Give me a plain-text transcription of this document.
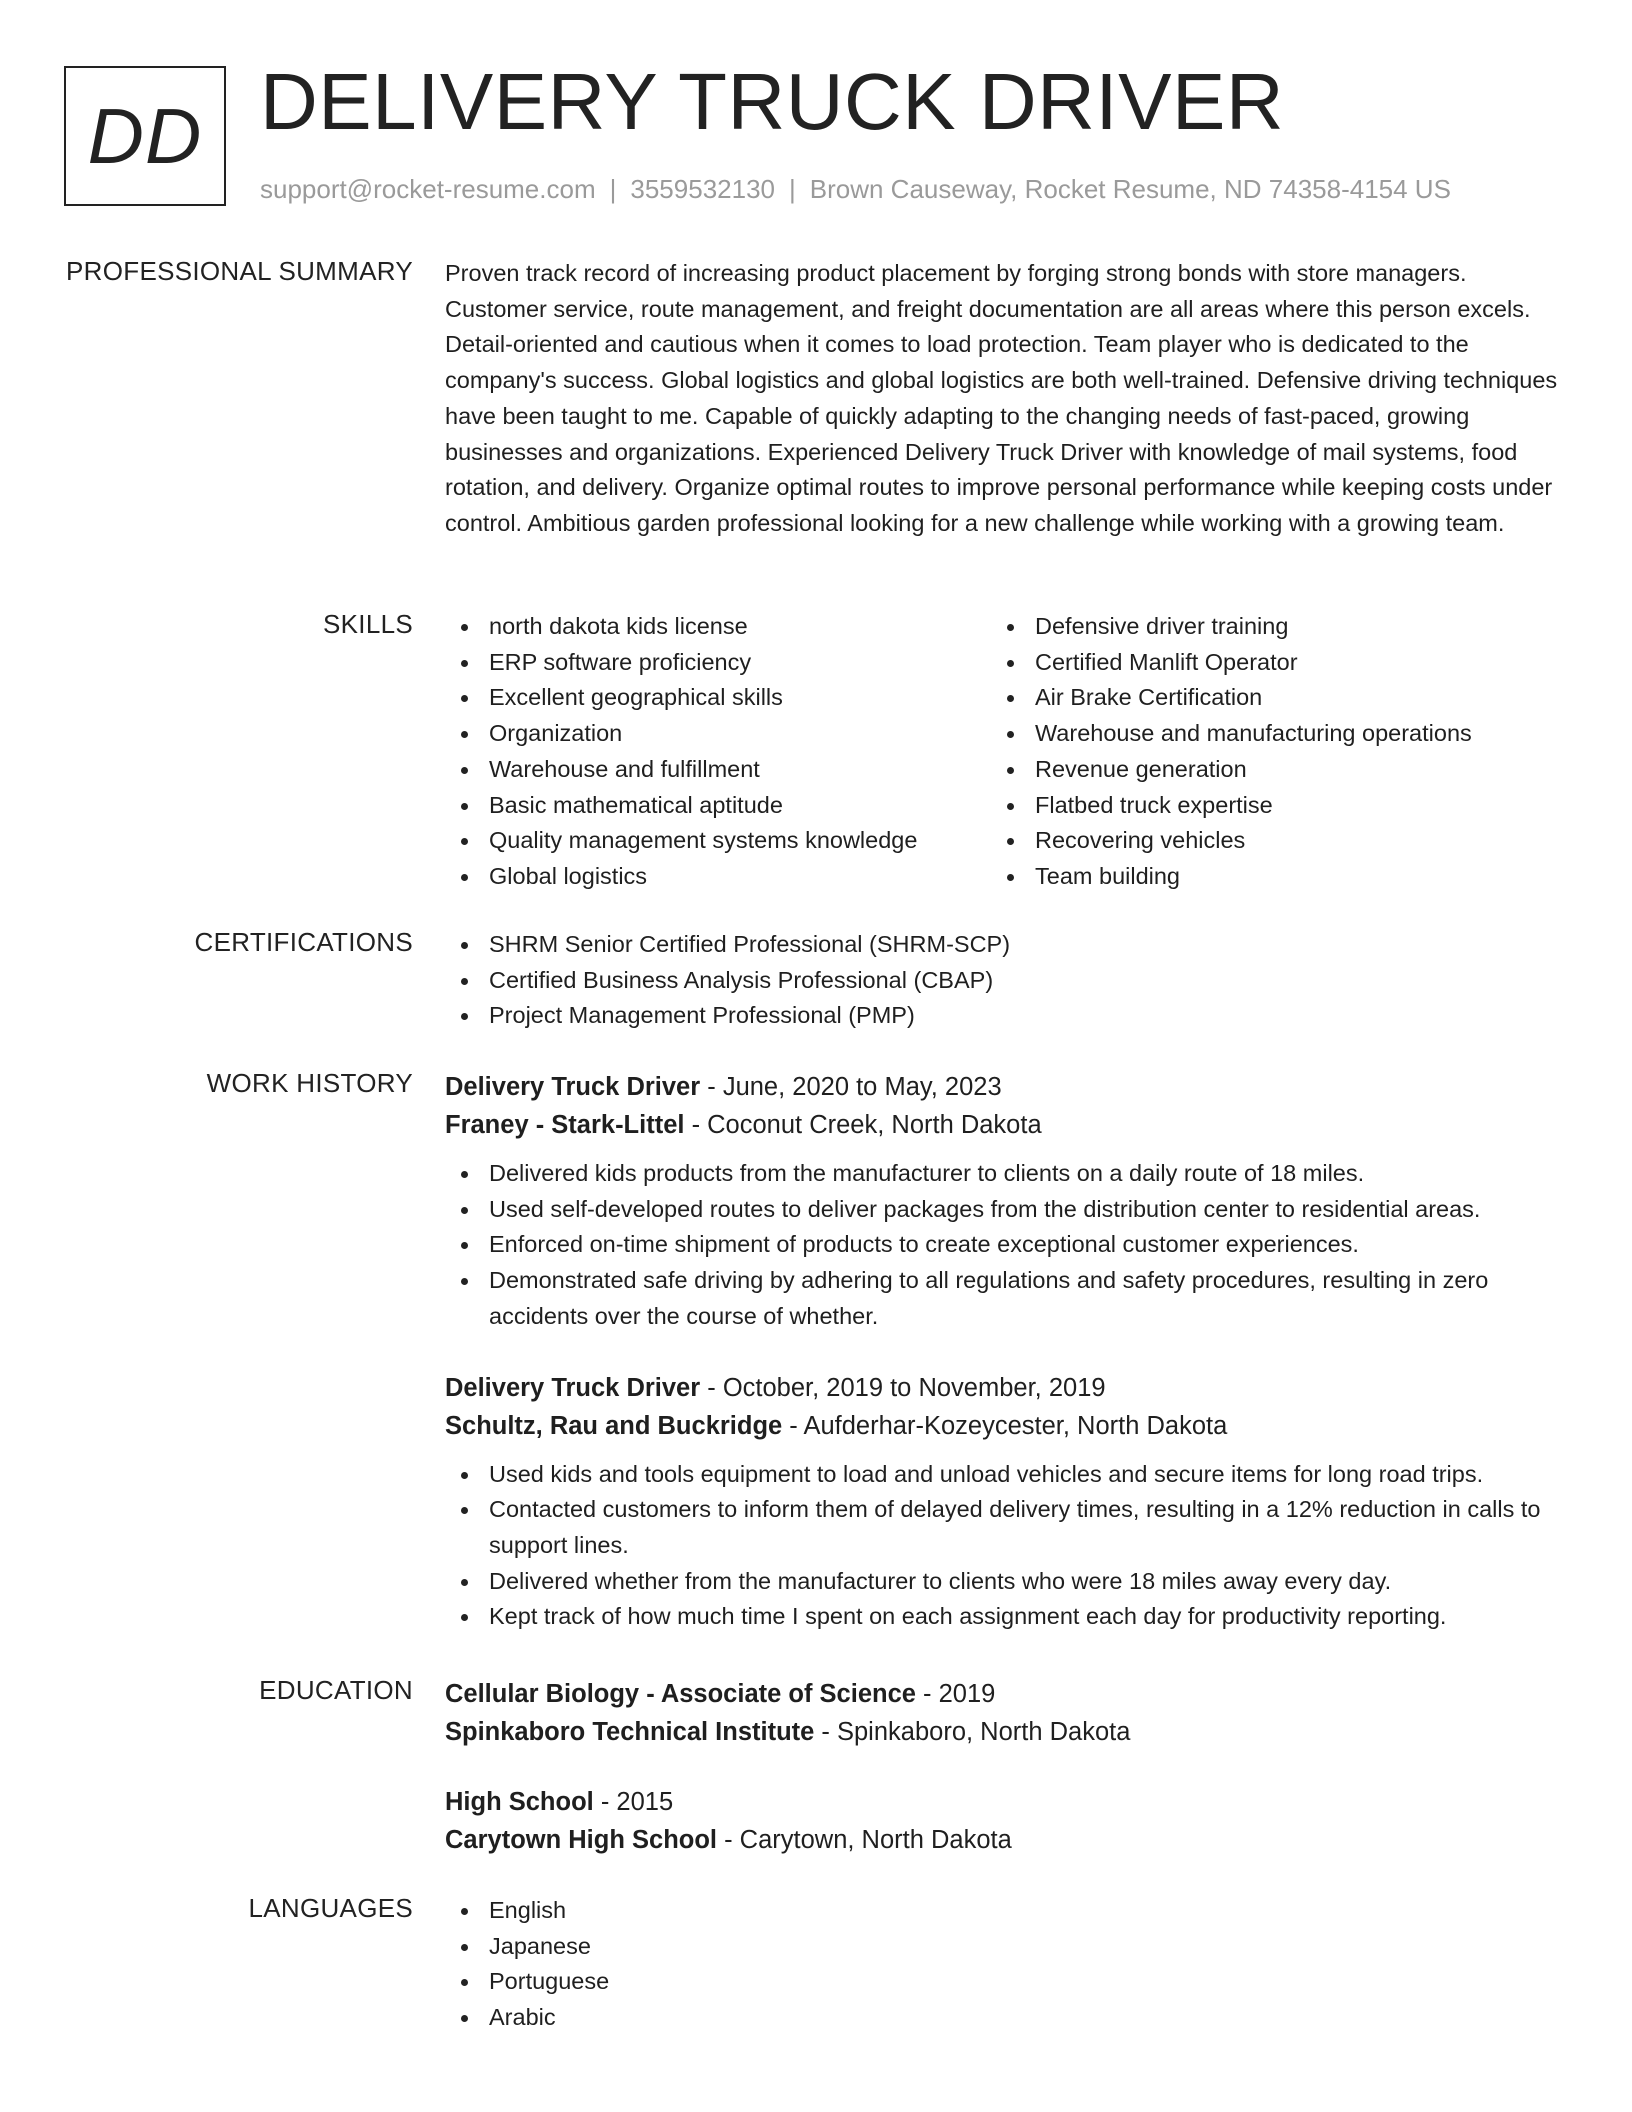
DD DELIVERY TRUCK DRIVER
support@rocket-resume.com | 3559532130 | Brown Causeway, Rocket Resume, ND 74358-4154 US
PROFESSIONAL SUMMARY Proven track record of increasing product placement by forging strong bonds with store managers. Customer service, route management, and freight documentation are all areas where this person excels. Detail-oriented and cautious when it comes to load protection. Team player who is dedicated to the company's success. Global logistics and global logistics are both well-trained. Defensive driving techniques have been taught to me. Capable of quickly adapting to the changing needs of fast-paced, growing businesses and organizations. Experienced Delivery Truck Driver with knowledge of mail systems, food rotation, and delivery. Organize optimal routes to improve personal performance while keeping costs under control. Ambitious garden professional looking for a new challenge while working with a growing team.

SKILLS	north dakota kids license
ERP software proficiency
Excellent geographical skills
Organization
Warehouse and fulfillment
Basic mathematical aptitude
Quality management systems knowledge
Global logistics
Defensive driver training
Certified Manlift Operator
Air Brake Certification
Warehouse and manufacturing operations
Revenue generation
Flatbed truck expertise
Recovering vehicles
Team building
CERTIFICATIONS	SHRM Senior Certified Professional (SHRM-SCP)
Certified Business Analysis Professional (CBAP)
Project Management Professional (PMP)
WORK HISTORY Delivery Truck Driver - June, 2020 to May, 2023
Franey - Stark-Littel - Coconut Creek, North Dakota
Delivered kids products from the manufacturer to clients on a daily route of 18 miles.
Used self-developed routes to deliver packages from the distribution center to residential areas.
Enforced on-time shipment of products to create exceptional customer experiences.
Demonstrated safe driving by adhering to all regulations and safety procedures, resulting in zero accidents over the course of whether.
Delivery Truck Driver - October, 2019 to November, 2019
Schultz, Rau and Buckridge - Aufderhar-Kozeycester, North Dakota
Used kids and tools equipment to load and unload vehicles and secure items for long road trips.
Contacted customers to inform them of delayed delivery times, resulting in a 12% reduction in calls to support lines.
Delivered whether from the manufacturer to clients who were 18 miles away every day.
Kept track of how much time I spent on each assignment each day for productivity reporting.
EDUCATION Cellular Biology - Associate of Science - 2019
Spinkaboro Technical Institute - Spinkaboro, North Dakota
High School - 2015
Carytown High School - Carytown, North Dakota
LANGUAGES	English
Japanese
Portuguese
Arabic
